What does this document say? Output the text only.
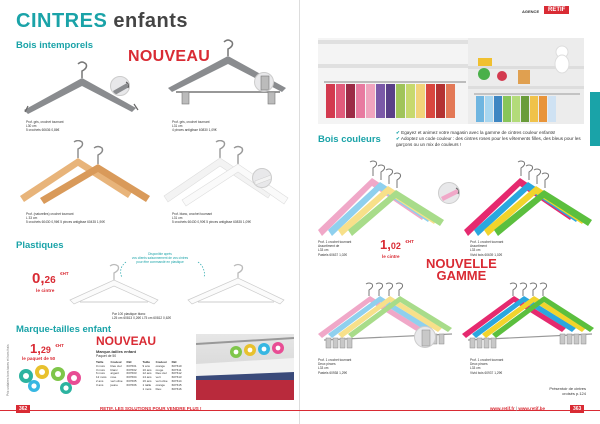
CINTRES enfants
Bois intemporels
NOUVEAU
Prof. gris, crochet tournant
L30 cm
5 crochets 60636 0,86€
Prof. gris, crochet tournant
L31 cm
4 pinces antiglisse 60830 1,09€
Prof. (naturelles) crochet tournant
L 33 cm
5 crochets 60430 0,96€ 5 pinces antiglisse 60435 1,90€
Prof. blanc, crochet tournant
L31 cm
5 crochets 60430 0,90€ 5 pinces antiglisse 60835 1,09€
Plastiques
Disponible après
vos clients saisonnement de vos cintres
pour être commandé en plastique
0,26 $^{€HT}$
le cintre
Par 100 plastique blanc
L25 cm 60813 0,26€ L75 cm 60812 0,62€
Marque-tailles enfant
1,29 $^{€HT}$
le paquet de 50
NOUVEAU
Marque-tailles enfant
Paquet de 50
Taille	Couleur	Réf.	Taille	Couleur	Réf.
0 mois	bleu ciel	607601	9 ans	orange	607610
3 mois	blanc	607602	10 ans	rouge	607611
6 mois	argent	607603	12 ans	bleu ciel	607612
12 mois	rose	607604	14 ans	vert	607613
2 ans	vert olive	607605	16 ans	vert olive	607614
3 ans	jaune	607606	1 taille	orange	607615
			1 mois	bleu	607616
Prix unitaires hors taxes et hors frais
362	RETIF, LES SOLUTIONS POUR VENDRE PLUS !
AGENCE	RETIF
Bois couleurs
✔ Egayez et animez votre magasin avec la gamme de cintres couleur enfants!
✔ Adoptez un code couleur : des cintres roses pour les vêtements filles, des bleus pour les garçons ou un mix de couleurs !
Prof. 1 crochet tournant
Assortiment de
L33 cm
Pastels 60637 1,02€
1,02 $^{€HT}$
le cintre
Prof. 1 crochet tournant
Assortiment
L33 cm
Vivid bois 60639 1,02€
NOUVELLE
GAMME
Prof. 1 crochet tournant
Deux pinces
L33 cm
Pastels 60938 1,29€
Prof. 1 crochet tournant
Deux pinces
L33 cm
Vivid bois 60937 1,29€
Présentoir de cintres
croisés p.124
www.retif.fr | www.retif.be	363
